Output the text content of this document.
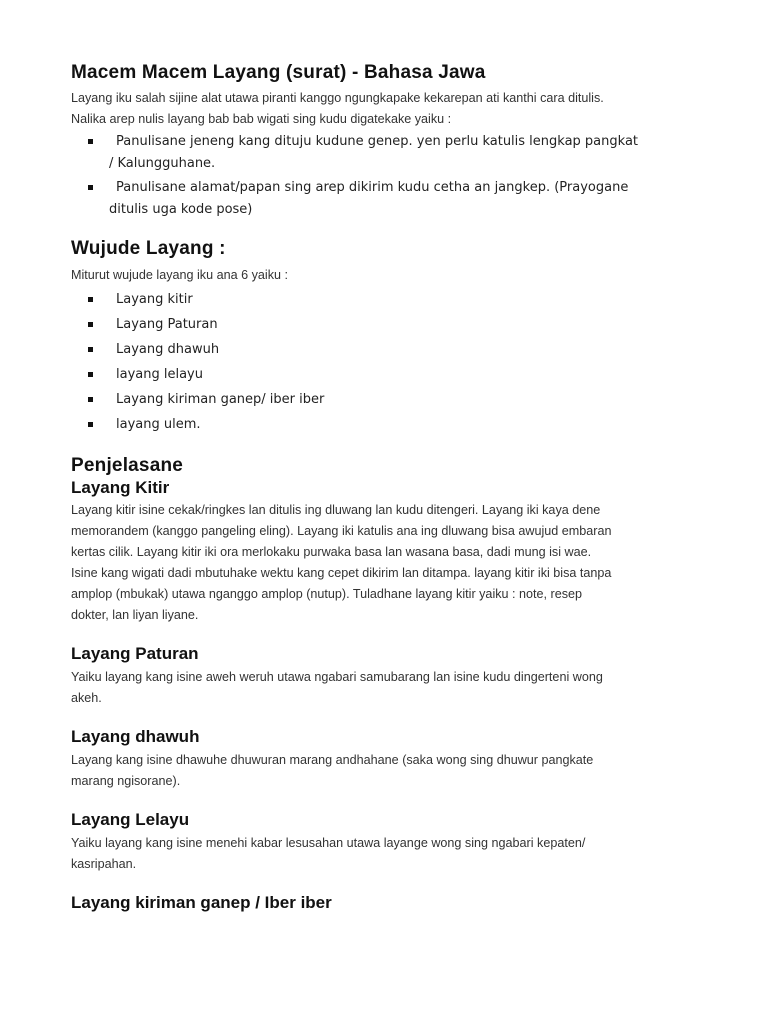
Macem Macem Layang (surat) - Bahasa Jawa
Layang iku salah sijine alat utawa piranti kanggo ngungkapake kekarepan ati kanthi cara ditulis.
Nalika arep nulis layang bab bab wigati sing kudu digatekake yaiku :
Panulisane jeneng kang dituju kudune genep. yen perlu katulis lengkap pangkat
/ Kalungguhane.
Panulisane alamat/papan sing arep dikirim kudu cetha an jangkep. (Prayogane
ditulis uga kode pose)
Wujude Layang :
Miturut wujude layang iku ana 6 yaiku :
Layang kitir
Layang Paturan
Layang dhawuh
layang lelayu
Layang kiriman ganep/ iber iber
layang ulem.
Penjelasane
Layang Kitir
Layang kitir isine cekak/ringkes lan ditulis ing dluwang lan kudu ditengeri. Layang iki kaya dene
memorandem (kanggo pangeling eling). Layang iki katulis ana ing dluwang bisa awujud embaran
kertas cilik. Layang kitir iki ora merlokaku purwaka basa lan wasana basa, dadi mung isi wae.
Isine kang wigati dadi mbutuhake wektu kang cepet dikirim lan ditampa. layang kitir iki bisa tanpa
amplop (mbukak) utawa nganggo amplop (nutup). Tuladhane layang kitir yaiku : note, resep
dokter, lan liyan liyane.
Layang Paturan
Yaiku layang kang isine aweh weruh utawa ngabari samubarang lan isine kudu dingerteni wong
akeh.
Layang dhawuh
Layang kang isine dhawuhe dhuwuran marang andhahane (saka wong sing dhuwur pangkate
marang ngisorane).
Layang Lelayu
Yaiku layang kang isine menehi kabar lesusahan utawa layange wong sing ngabari kepaten/
kasripahan.
Layang kiriman ganep / Iber iber
